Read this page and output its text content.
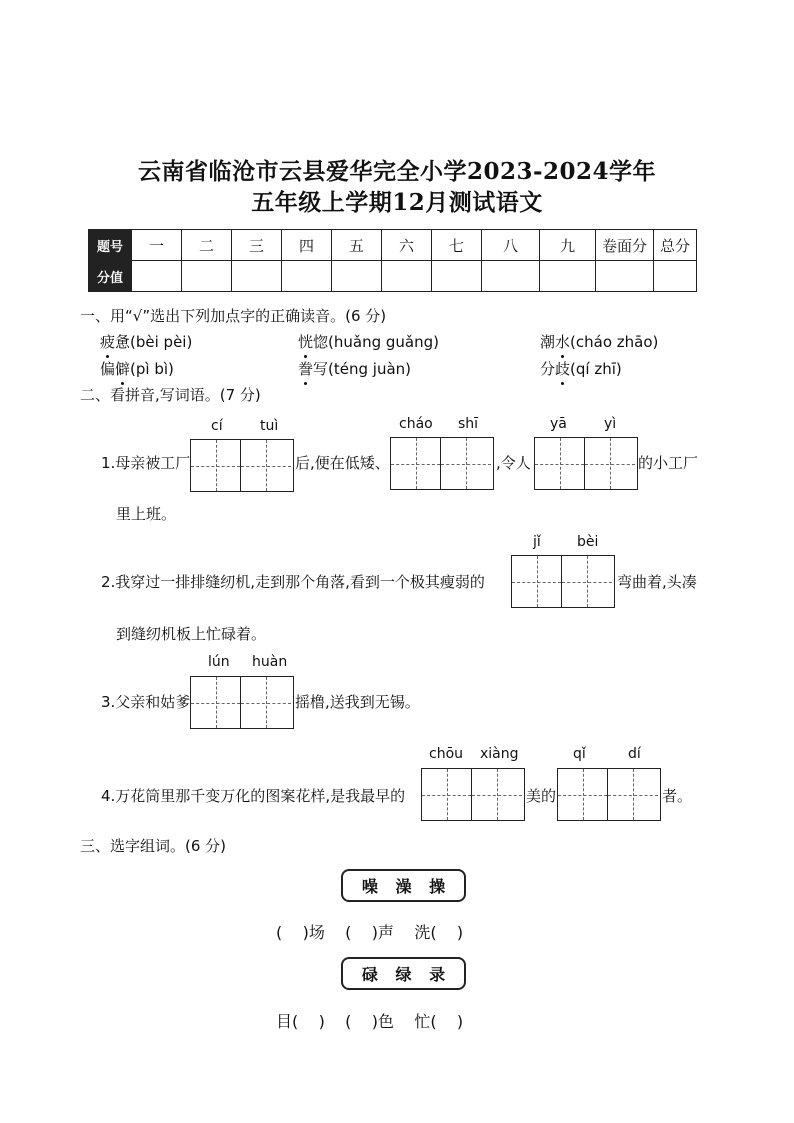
云南省临沧市云县爱华完全小学2023-2024学年
五年级上学期12月测试语文
题号	一	二	三	四	五	六	七	八	九	卷面分	总分
分值											
一、用“√”选出下列加点字的正确读音。(6 分)
疲惫(bèi pèi)	恍惚(huǎng guǎng)	潮水(cháo zhāo)
偏僻(pì bì)	誊写(téng juàn)	分歧(qí zhī)
二、看拼音,写词语。(7 分)
cí	tuì	cháo shī	yā	yì
1.母亲被工厂	后,便在低矮、	,令人	的小工厂
里上班。
jǐ	bèi
2.我穿过一排排缝纫机,走到那个角落,看到一个极其瘦弱的	弯曲着,头凑
到缝纫机板上忙碌着。
lún huàn
3.父亲和姑爹	摇橹,送我到无锡。
chōu xiàng	qǐ	dí
4.万花筒里那千变万化的图案花样,是我最早的	美的	者。
三、选字组词。(6 分)
噪 澡 操
(    )场    (    )声    洗(    )
碌 绿 录
目(    )    (    )色    忙(    )
